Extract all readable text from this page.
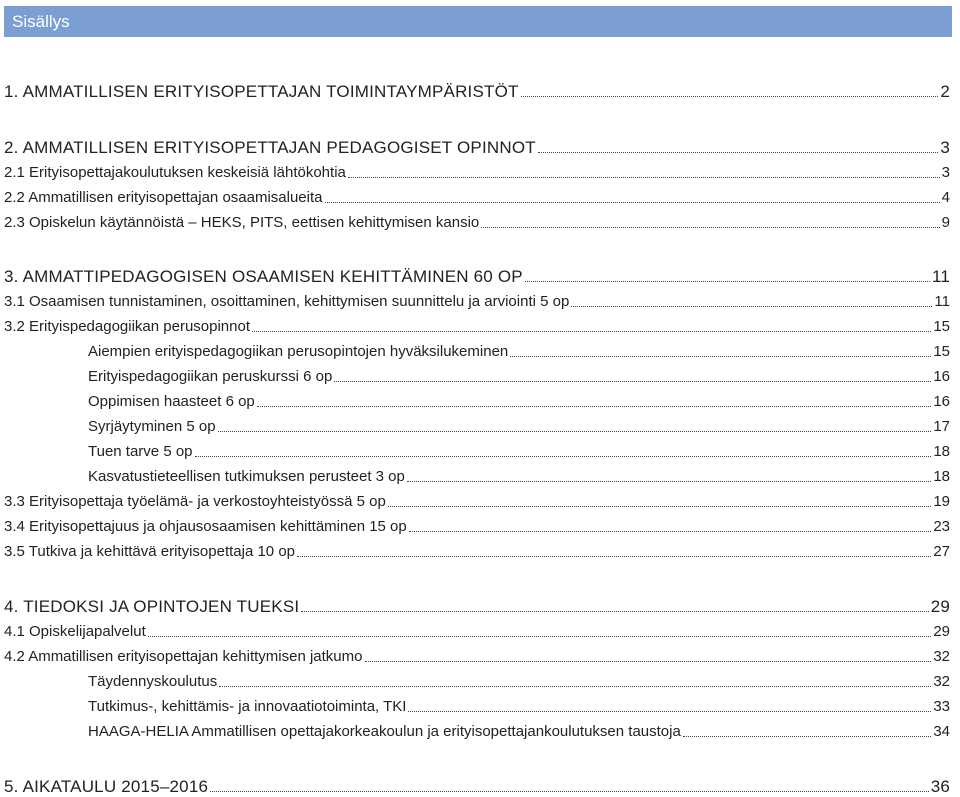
Sisällys
1. AMMATILLISEN ERITYISOPETTAJAN TOIMINTAYMPÄRISTÖT	2
2. AMMATILLISEN ERITYISOPETTAJAN PEDAGOGISET OPINNOT	3
2.1 Erityisopettajakoulutuksen keskeisiä lähtökohtia	3
2.2 Ammatillisen erityisopettajan osaamisalueita	4
2.3 Opiskelun käytännöistä – HEKS, PITS, eettisen kehittymisen kansio	9
3. AMMATTIPEDAGOGISEN OSAAMISEN KEHITTÄMINEN 60 OP	11
3.1 Osaamisen tunnistaminen, osoittaminen, kehittymisen suunnittelu ja arviointi 5 op	11
3.2 Erityispedagogiikan perusopinnot	15
Aiempien erityispedagogiikan perusopintojen hyväksilukeminen	15
Erityispedagogiikan peruskurssi 6 op	16
Oppimisen haasteet 6 op	16
Syrjäytyminen 5 op	17
Tuen tarve 5 op	18
Kasvatustieteellisen tutkimuksen perusteet 3 op	18
3.3 Erityisopettaja työelämä- ja verkostoyhteistyössä 5 op	19
3.4 Erityisopettajuus ja ohjausosaamisen kehittäminen 15 op	23
3.5 Tutkiva ja kehittävä erityisopettaja 10 op	27
4. TIEDOKSI JA OPINTOJEN TUEKSI	29
4.1 Opiskelijapalvelut	29
4.2 Ammatillisen erityisopettajan kehittymisen jatkumo	32
Täydennyskoulutus	32
Tutkimus-, kehittämis- ja innovaatiotoiminta, TKI	33
HAAGA-HELIA Ammatillisen opettajakorkeakoulun ja erityisopettajankoulutuksen taustoja	34
5. AIKATAULU 2015–2016	36
